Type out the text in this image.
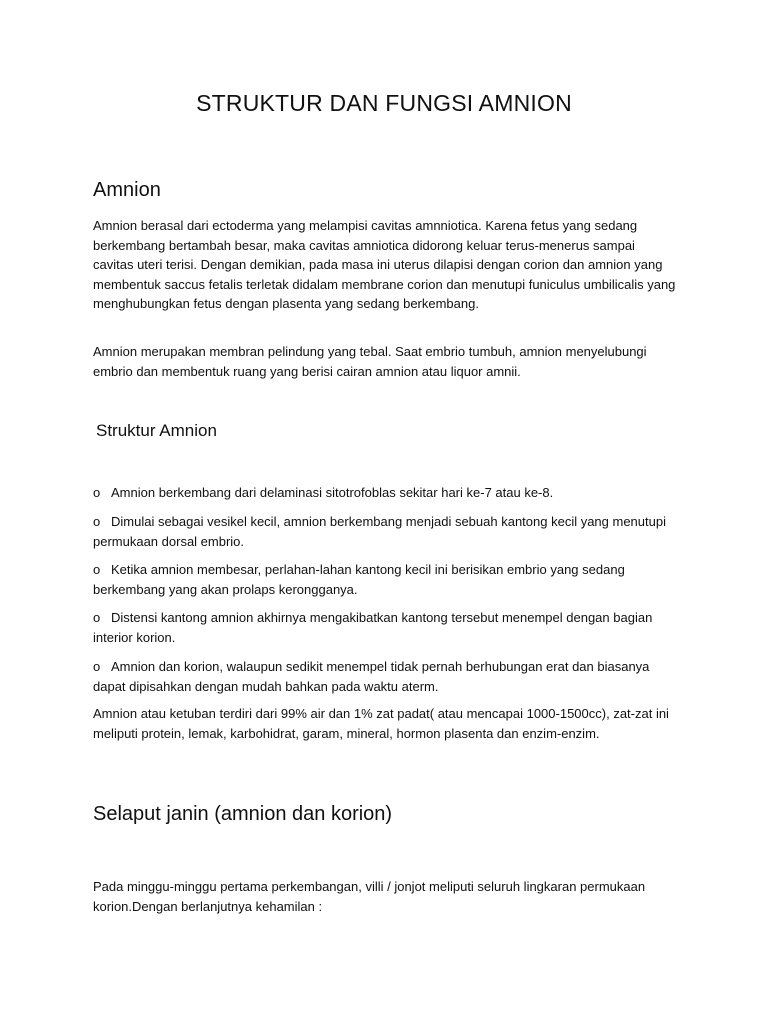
STRUKTUR DAN FUNGSI AMNION
Amnion

Amnion berasal dari ectoderma yang melampisi cavitas amnniotica. Karena fetus yang sedang berkembang bertambah besar, maka cavitas amniotica didorong keluar terus-menerus sampai cavitas uteri terisi. Dengan demikian, pada masa ini uterus dilapisi dengan corion dan amnion yang membentuk saccus fetalis terletak didalam membrane corion dan menutupi funiculus umbilicalis yang menghubungkan fetus dengan plasenta yang sedang berkembang.

Amnion merupakan membran pelindung yang tebal. Saat embrio tumbuh, amnion menyelubungi embrio dan membentuk ruang yang berisi cairan amnion atau liquor amnii.

Struktur Amnion
o Amnion berkembang dari delaminasi sitotrofoblas sekitar hari ke-7 atau ke-8.
o Dimulai sebagai vesikel kecil, amnion berkembang menjadi sebuah kantong kecil yang menutupi permukaan dorsal embrio.
o Ketika amnion membesar, perlahan-lahan kantong kecil ini berisikan embrio yang sedang berkembang yang akan prolaps kerongganya.
o Distensi kantong amnion akhirnya mengakibatkan kantong tersebut menempel dengan bagian interior korion.
o Amnion dan korion, walaupun sedikit menempel tidak pernah berhubungan erat dan biasanya dapat dipisahkan dengan mudah bahkan pada waktu aterm.

Amnion atau ketuban terdiri dari 99% air dan 1% zat padat( atau mencapai 1000-1500cc), zat-zat ini meliputi protein, lemak, karbohidrat, garam, mineral, hormon plasenta dan enzim-enzim.

Selaput janin (amnion dan korion)

Pada minggu-minggu pertama perkembangan, villi / jonjot meliputi seluruh lingkaran permukaan korion.Dengan berlanjutnya kehamilan :
